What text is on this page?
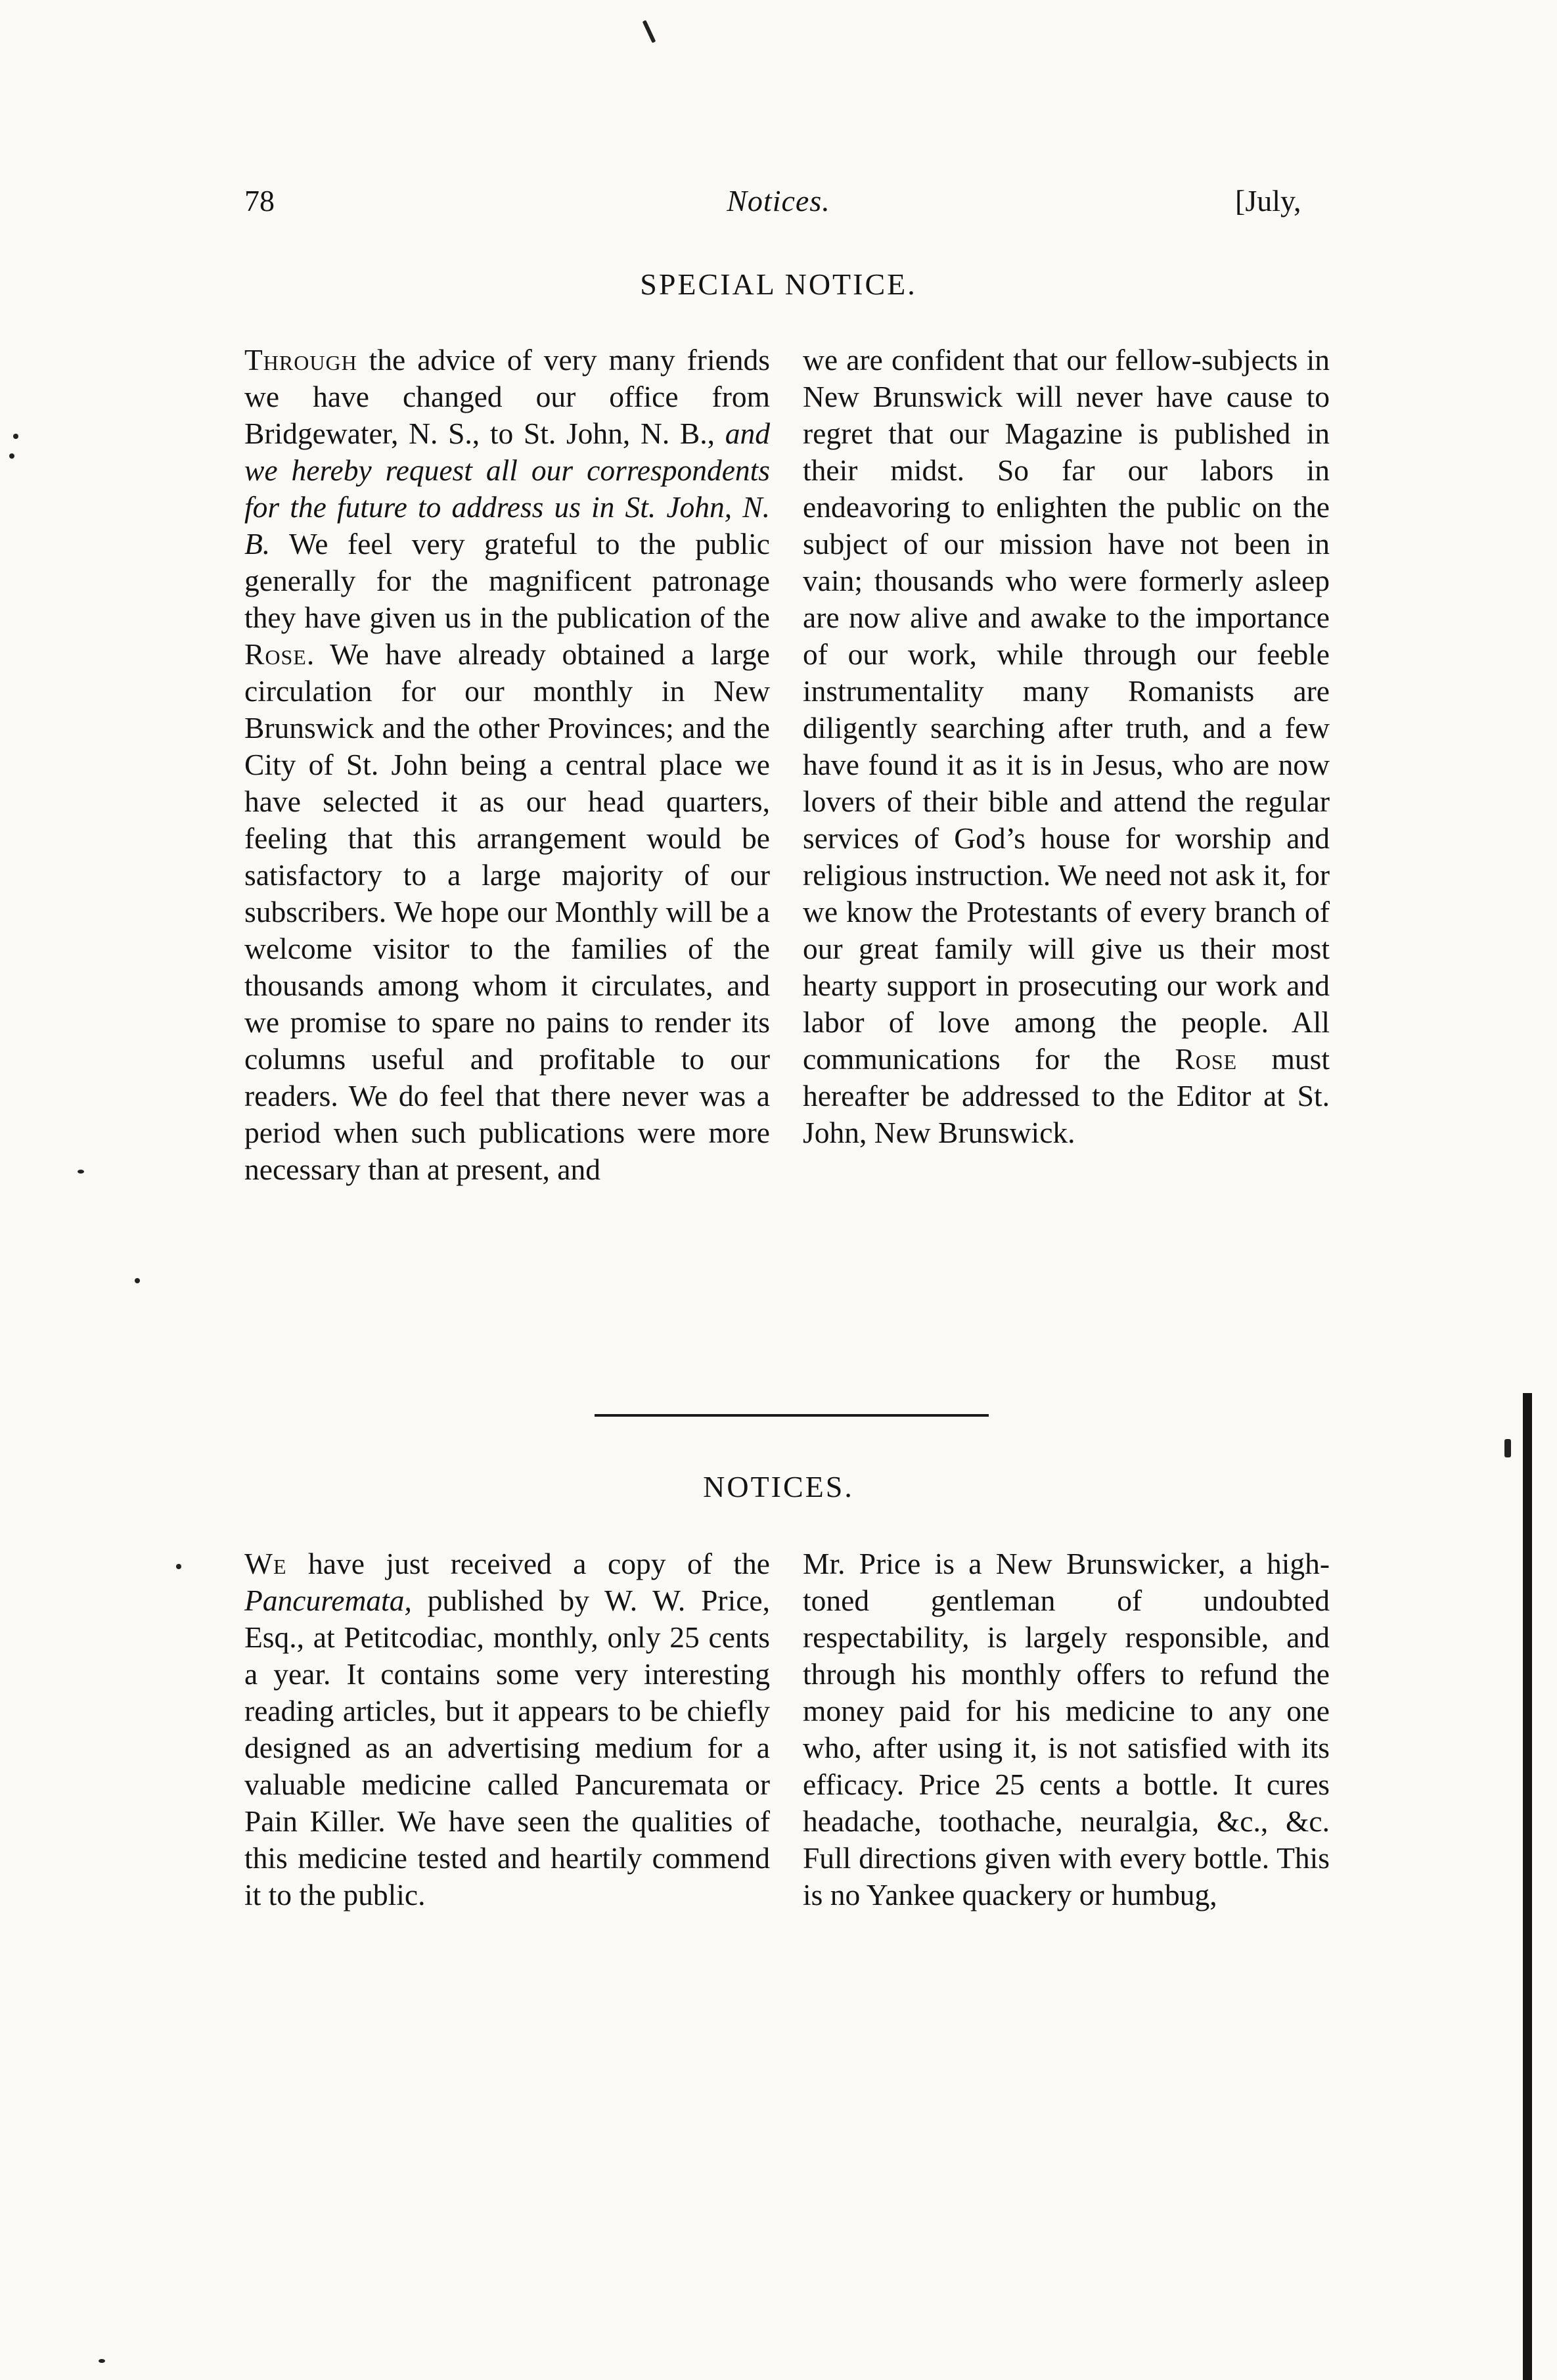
78	Notices.	[July,
SPECIAL NOTICE.

Through the advice of very many friends we have changed our office from Bridgewater, N. S., to St. John, N. B., and we hereby request all our correspondents for the future to address us in St. John, N. B. We feel very grateful to the public generally for the magnificent patronage they have given us in the publication of the Rose. We have already obtained a large circulation for our monthly in New Brunswick and the other Provinces; and the City of St. John being a central place we have selected it as our head quarters, feeling that this arrangement would be satisfactory to a large majority of our subscribers. We hope our Monthly will be a welcome visitor to the families of the thousands among whom it circulates, and we promise to spare no pains to render its columns useful and profitable to our readers. We do feel that there never was a period when such publications were more necessary than at present, and

we are confident that our fellow-subjects in New Brunswick will never have cause to regret that our Magazine is published in their midst. So far our labors in endeavoring to enlighten the public on the subject of our mission have not been in vain; thousands who were formerly asleep are now alive and awake to the importance of our work, while through our feeble instrumentality many Romanists are diligently searching after truth, and a few have found it as it is in Jesus, who are now lovers of their bible and attend the regular services of God’s house for worship and religious instruction. We need not ask it, for we know the Protestants of every branch of our great family will give us their most hearty support in prosecuting our work and labor of love among the people. All communications for the Rose must hereafter be addressed to the Editor at St. John, New Brunswick.

NOTICES.

We have just received a copy of the Pancuremata, published by W. W. Price, Esq., at Petitcodiac, monthly, only 25 cents a year. It contains some very interesting reading articles, but it appears to be chiefly designed as an advertising medium for a valuable medicine called Pancuremata or Pain Killer. We have seen the qualities of this medicine tested and heartily commend it to the public.

Mr. Price is a New Brunswicker, a high-toned gentleman of undoubted respectability, is largely responsible, and through his monthly offers to refund the money paid for his medicine to any one who, after using it, is not satisfied with its efficacy. Price 25 cents a bottle. It cures headache, toothache, neuralgia, &c., &c. Full directions given with every bottle. This is no Yankee quackery or humbug,
